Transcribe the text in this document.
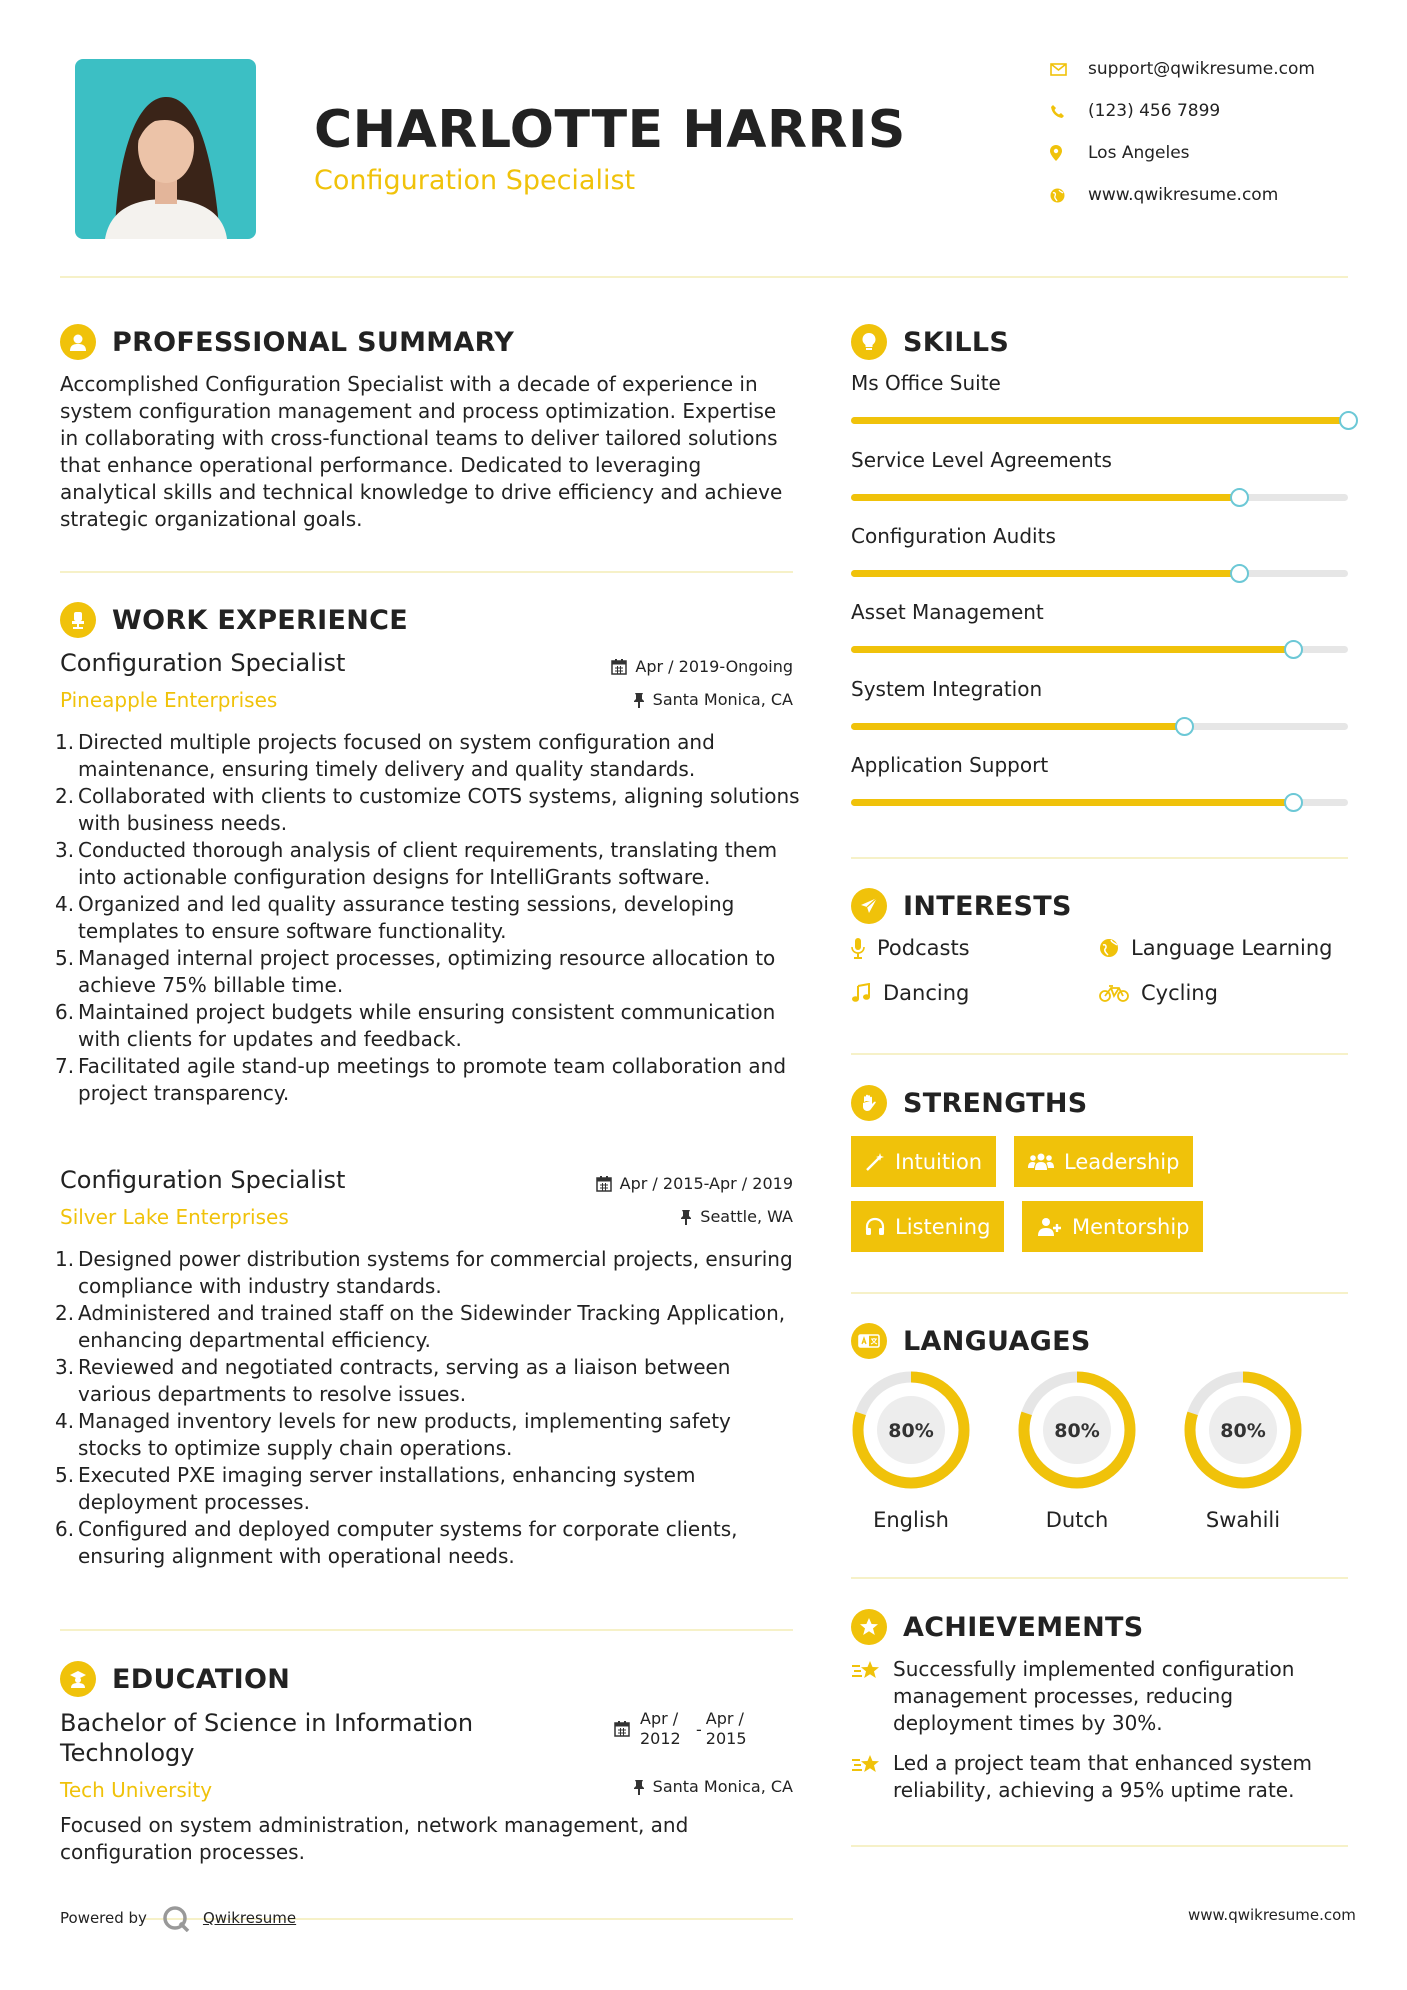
CHARLOTTE HARRIS
Configuration Specialist
support@qwikresume.com
(123) 456 7899
Los Angeles
www.qwikresume.com
PROFESSIONAL SUMMARY
Accomplished Configuration Specialist with a decade of experience in system configuration management and process optimization. Expertise in collaborating with cross-functional teams to deliver tailored solutions that enhance operational performance. Dedicated to leveraging analytical skills and technical knowledge to drive efficiency and achieve strategic organizational goals.
WORK EXPERIENCE
Configuration Specialist
Pineapple Enterprises
Apr / 2019-Ongoing
Santa Monica, CA
1. Directed multiple projects focused on system configuration and maintenance, ensuring timely delivery and quality standards.
2. Collaborated with clients to customize COTS systems, aligning solutions with business needs.
3. Conducted thorough analysis of client requirements, translating them into actionable configuration designs for IntelliGrants software.
4. Organized and led quality assurance testing sessions, developing templates to ensure software functionality.
5. Managed internal project processes, optimizing resource allocation to achieve 75% billable time.
6. Maintained project budgets while ensuring consistent communication with clients for updates and feedback.
7. Facilitated agile stand-up meetings to promote team collaboration and project transparency.
Configuration Specialist
Silver Lake Enterprises
Apr / 2015-Apr / 2019
Seattle, WA
1. Designed power distribution systems for commercial projects, ensuring compliance with industry standards.
2. Administered and trained staff on the Sidewinder Tracking Application, enhancing departmental efficiency.
3. Reviewed and negotiated contracts, serving as a liaison between various departments to resolve issues.
4. Managed inventory levels for new products, implementing safety stocks to optimize supply chain operations.
5. Executed PXE imaging server installations, enhancing system deployment processes.
6. Configured and deployed computer systems for corporate clients, ensuring alignment with operational needs.
EDUCATION
Bachelor of Science in Information Technology
Tech University
Apr / 2012 -
Apr / 2015
Santa Monica, CA
Focused on system administration, network management, and configuration processes.
SKILLS
Ms Office Suite
Service Level Agreements
Configuration Audits
Asset Management
System Integration
Application Support
INTERESTS
Podcasts	Language Learning
Dancing	Cycling
STRENGTHS
Intuition	Leadership
Listening	Mentorship
LANGUAGES
80%
English
80%
Dutch
80%
Swahili
ACHIEVEMENTS
Successfully implemented configuration management processes, reducing deployment times by 30%.
Led a project team that enhanced system reliability, achieving a 95% uptime rate.
Powered by	Qwikresume	www.qwikresume.com
